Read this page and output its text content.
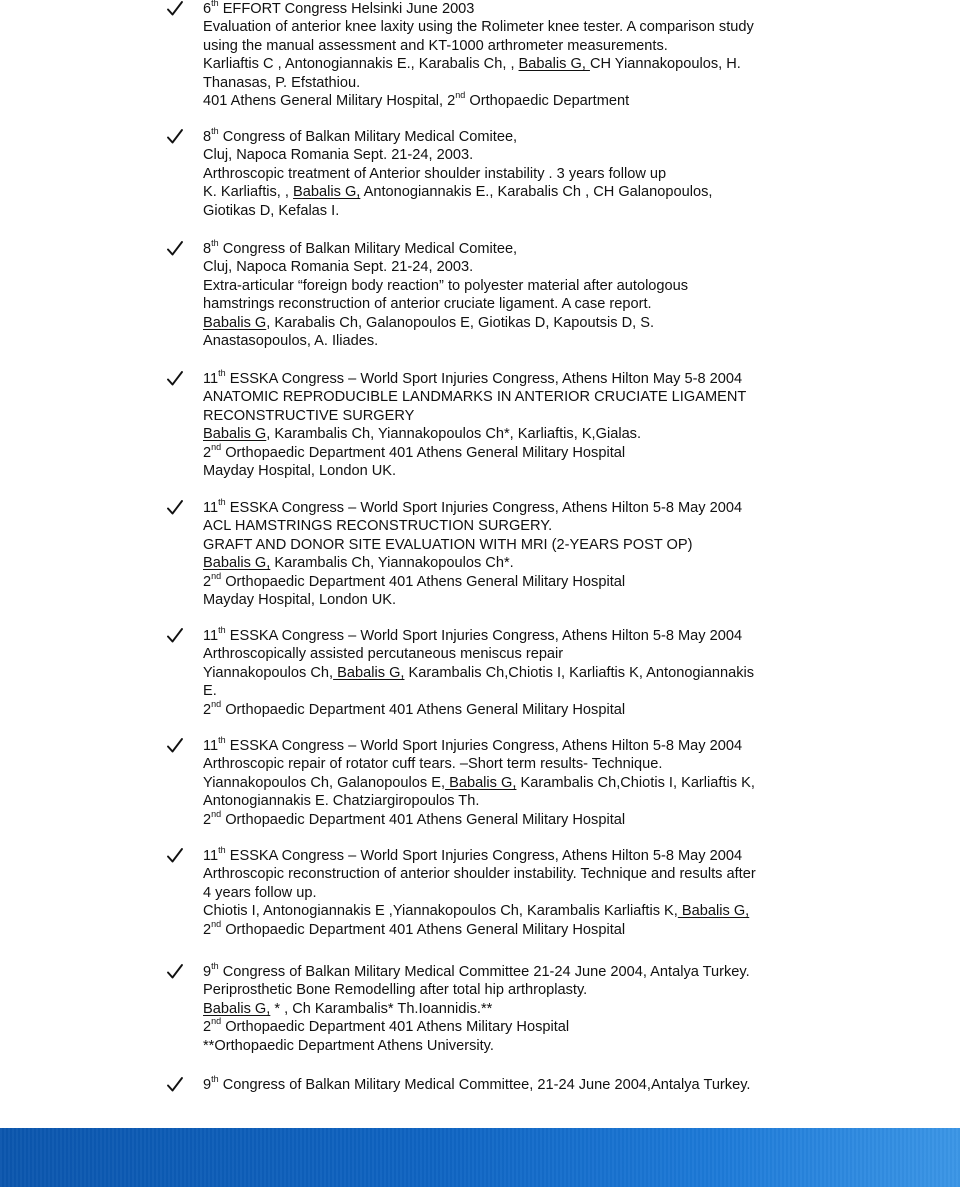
6th EFFORT Congress Helsinki June 2003
Evaluation of anterior knee laxity using the Rolimeter knee tester. A comparison study
using the manual assessment and KT-1000 arthrometer measurements.
Karliaftis C , Antonogiannakis E., Karabalis Ch, , Babalis G, CH Yiannakopoulos, H.
Thanasas, P. Efstathiou.
401 Athens General Military Hospital, 2nd Orthopaedic Department
8th Congress of Balkan Military Medical Comitee,
Cluj, Napoca Romania Sept. 21-24, 2003.
Arthroscopic treatment of Anterior shoulder instability . 3 years follow up
K. Karliaftis, , Babalis G, Antonogiannakis E., Karabalis Ch , CH Galanopoulos,
Giotikas D, Kefalas I.
8th Congress of Balkan Military Medical Comitee,
Cluj, Napoca Romania Sept. 21-24, 2003.
Extra-articular “foreign body reaction” to polyester material after autologous
hamstrings reconstruction of anterior cruciate ligament. A case report.
Babalis G, Karabalis Ch, Galanopoulos E, Giotikas D, Kapoutsis D, S.
Anastasopoulos, A. Iliades.
11th ESSKA Congress – World Sport Injuries Congress, Athens Hilton May 5-8 2004
ANATOMIC REPRODUCIBLE LANDMARKS IN ANTERIOR CRUCIATE LIGAMENT
RECONSTRUCTIVE SURGERY
Babalis G, Karambalis Ch, Yiannakopoulos Ch*, Karliaftis, K,Gialas.
2nd Orthopaedic Department 401 Athens General Military Hospital
Mayday Hospital, London UK.
11th ESSKA Congress – World Sport Injuries Congress, Athens Hilton 5-8 May 2004
ACL HAMSTRINGS RECONSTRUCTION SURGERY.
GRAFT AND DONOR SITE EVALUATION WITH MRI (2-YEARS POST OP)
Babalis G, Karambalis Ch, Yiannakopoulos Ch*.
2nd Orthopaedic Department 401 Athens General Military Hospital
Mayday Hospital, London UK.
11th ESSKA Congress – World Sport Injuries Congress, Athens Hilton 5-8 May 2004
Arthroscopically assisted percutaneous meniscus repair
Yiannakopoulos Ch, Babalis G, Karambalis Ch,Chiotis I, Karliaftis K, Antonogiannakis
E.
2nd Orthopaedic Department 401 Athens General Military Hospital
11th ESSKA Congress – World Sport Injuries Congress, Athens Hilton 5-8 May 2004
Arthroscopic repair of rotator cuff tears. –Short term results- Technique.
Yiannakopoulos Ch, Galanopoulos E, Babalis G, Karambalis Ch,Chiotis I, Karliaftis K,
Antonogiannakis E. Chatziargiropoulos Th.
2nd Orthopaedic Department 401 Athens General Military Hospital
11th ESSKA Congress – World Sport Injuries Congress, Athens Hilton 5-8 May 2004
Arthroscopic reconstruction of anterior shoulder instability. Technique and results after
4 years follow up.
Chiotis I, Antonogiannakis E ,Yiannakopoulos Ch, Karambalis Karliaftis K, Babalis G,
2nd Orthopaedic Department 401 Athens General Military Hospital
9th Congress of Balkan Military Medical Committee 21-24 June 2004, Antalya Turkey.
Periprosthetic Bone Remodelling after total hip arthroplasty.
Babalis G, * , Ch Karambalis* Th.Ioannidis.**
2nd Orthopaedic Department 401 Athens Military Hospital
**Orthopaedic Department Athens University.
9th Congress of Balkan Military Medical Committee, 21-24 June 2004,Antalya Turkey.
